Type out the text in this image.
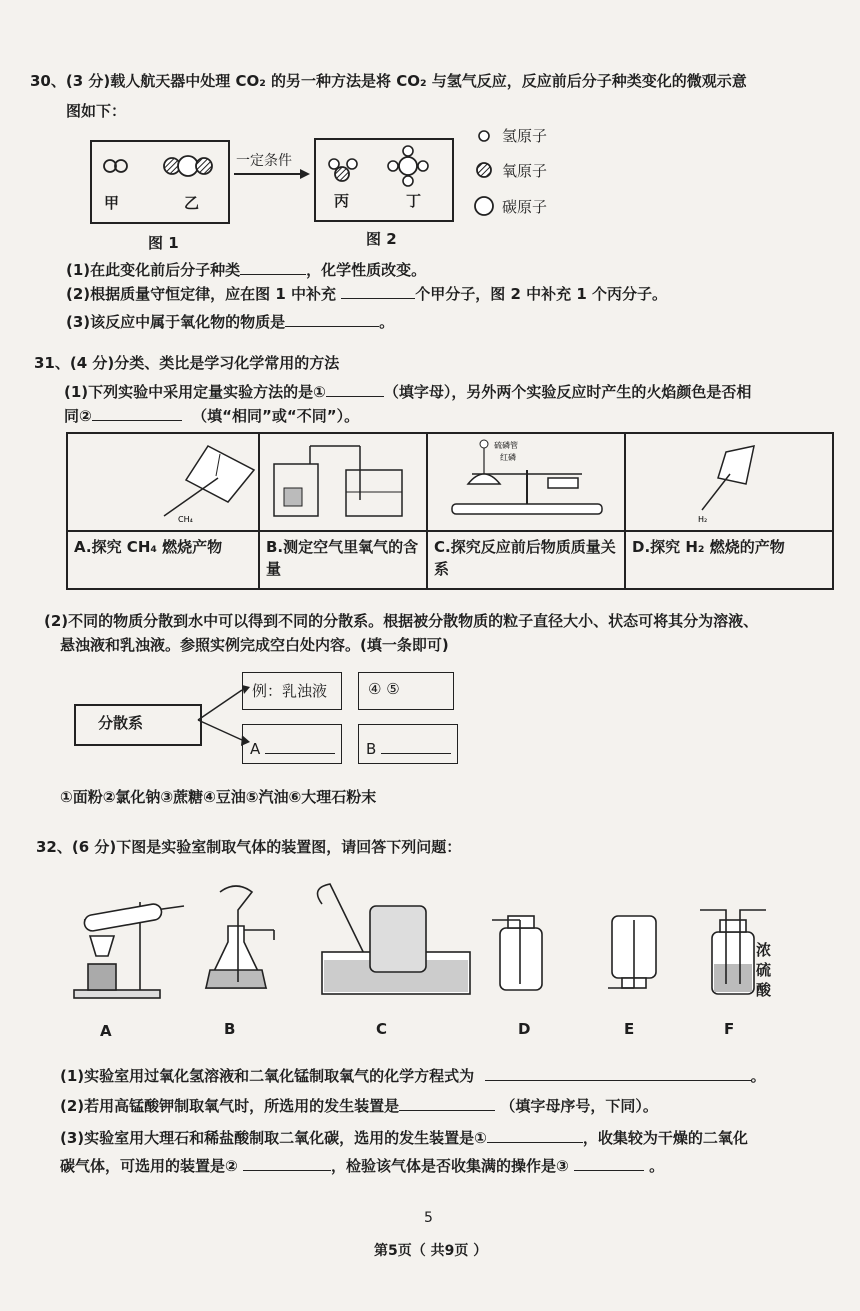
30、(3 分)载人航天器中处理 CO₂ 的另一种方法是将 CO₂ 与氢气反应，反应前后分子种类变化的微观示意
图如下：
甲	乙
一定条件
丙	丁
氢原子
氧原子
碳原子
图 1	图 2
(1)在此变化前后分子种类	，化学性质改变。
(2)根据质量守恒定律，应在图 1 中补充	个甲分子，图 2 中补充 1 个丙分子。
(3)该反应中属于氧化物的物质是	。
31、(4 分)分类、类比是学习化学常用的方法
(1)下列实验中采用定量实验方法的是①	（填字母），另外两个实验反应时产生的火焰颜色是否相
同②	（填“相同”或“不同”）。
CH₄		硫磷管
红磷	H₂

A.探究 CH₄ 燃烧产物	B.测定空气里氧气的含量	C.探究反应前后物质质量关系	D.探究 H₂ 燃烧的产物
(2)不同的物质分散到水中可以得到不同的分散系。根据被分散物质的粒子直径大小、状态可将其分为溶液、
悬浊液和乳浊液。参照实例完成空白处内容。(填一条即可)
分散系
例：乳浊液	④ ⑤
A	B
①面粉②氯化钠③蔗糖④豆油⑤汽油⑥大理石粉末
32、(6 分)下图是实验室制取气体的装置图，请回答下列问题：
浓
硫
酸
A	B	C	D	E	F
(1)实验室用过氧化氢溶液和二氧化锰制取氧气的化学方程式为	。
(2)若用高锰酸钾制取氧气时，所选用的发生装置是	（填字母序号，下同）。
(3)实验室用大理石和稀盐酸制取二氧化碳，选用的发生装置是①	，收集较为干燥的二氧化
碳气体，可选用的装置是②	，检验该气体是否收集满的操作是③	。
5
第5页（ 共9页 ）
